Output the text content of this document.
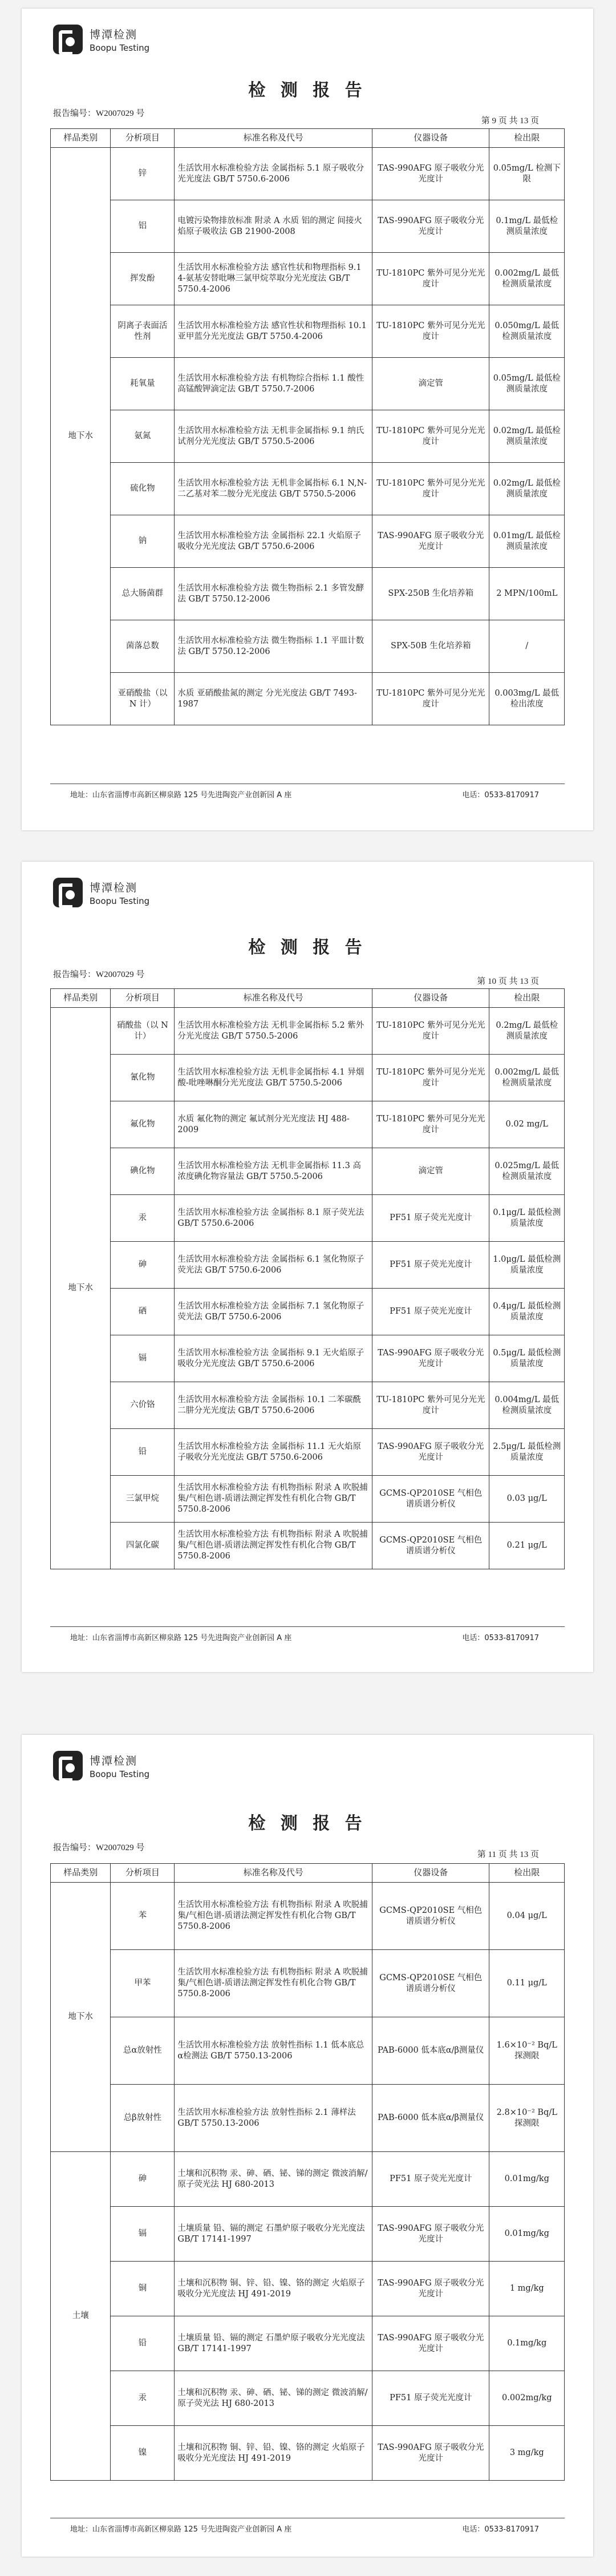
博潭检测
Boopu Testing
检 测 报 告
报告编号：W2007029 号
第 9 页 共 13 页
样品类别	分析项目	标准名称及代号	仪器设备	检出限
地下水	锌	生活饮用水标准检验方法 金属指标 5.1 原子吸收分光光度法 GB/T 5750.6-2006	TAS-990AFG 原子吸收分光光度计	0.05mg/L 检测下限
	铝	电镀污染物排放标准 附录 A 水质 铝的测定 间接火焰原子吸收法 GB 21900-2008	TAS-990AFG 原子吸收分光光度计	0.1mg/L 最低检测质量浓度
	挥发酚	生活饮用水标准检验方法 感官性状和物理指标 9.1 4-氨基安替吡啉三氯甲烷萃取分光光度法 GB/T 5750.4-2006	TU-1810PC 紫外可见分光光度计	0.002mg/L 最低检测质量浓度
	阴离子表面活性剂	生活饮用水标准检验方法 感官性状和物理指标 10.1 亚甲蓝分光光度法 GB/T 5750.4-2006	TU-1810PC 紫外可见分光光度计	0.050mg/L 最低检测质量浓度
	耗氧量	生活饮用水标准检验方法 有机物综合指标 1.1 酸性高锰酸钾滴定法 GB/T 5750.7-2006	滴定管	0.05mg/L 最低检测质量浓度
	氨氮	生活饮用水标准检验方法 无机非金属指标 9.1 纳氏试剂分光光度法 GB/T 5750.5-2006	TU-1810PC 紫外可见分光光度计	0.02mg/L 最低检测质量浓度
	硫化物	生活饮用水标准检验方法 无机非金属指标 6.1 N,N-二乙基对苯二胺分光光度法 GB/T 5750.5-2006	TU-1810PC 紫外可见分光光度计	0.02mg/L 最低检测质量浓度
	钠	生活饮用水标准检验方法 金属指标 22.1 火焰原子吸收分光光度法 GB/T 5750.6-2006	TAS-990AFG 原子吸收分光光度计	0.01mg/L 最低检测质量浓度
	总大肠菌群	生活饮用水标准检验方法 微生物指标 2.1 多管发酵法 GB/T 5750.12-2006	SPX-250B 生化培养箱	2 MPN/100mL
	菌落总数	生活饮用水标准检验方法 微生物指标 1.1 平皿计数法 GB/T 5750.12-2006	SPX-50B 生化培养箱	/
	亚硝酸盐（以 N 计）	水质 亚硝酸盐氮的测定 分光光度法 GB/T 7493-1987	TU-1810PC 紫外可见分光光度计	0.003mg/L 最低检出浓度
地址：山东省淄博市高新区柳泉路 125 号先进陶瓷产业创新园 A 座	电话：0533-8170917
博潭检测
Boopu Testing
检 测 报 告
报告编号：W2007029 号
第 10 页 共 13 页
样品类别	分析项目	标准名称及代号	仪器设备	检出限
地下水	硝酸盐（以 N 计）	生活饮用水标准检验方法 无机非金属指标 5.2 紫外分光光度法 GB/T 5750.5-2006	TU-1810PC 紫外可见分光光度计	0.2mg/L 最低检测质量浓度
	氰化物	生活饮用水标准检验方法 无机非金属指标 4.1 异烟酸-吡唑啉酮分光光度法 GB/T 5750.5-2006	TU-1810PC 紫外可见分光光度计	0.002mg/L 最低检测质量浓度
	氟化物	水质 氟化物的测定 氟试剂分光光度法 HJ 488-2009	TU-1810PC 紫外可见分光光度计	0.02 mg/L
	碘化物	生活饮用水标准检验方法 无机非金属指标 11.3 高浓度碘化物容量法 GB/T 5750.5-2006	滴定管	0.025mg/L 最低检测质量浓度
	汞	生活饮用水标准检验方法 金属指标 8.1 原子荧光法 GB/T 5750.6-2006	PF51 原子荧光光度计	0.1μg/L 最低检测质量浓度
	砷	生活饮用水标准检验方法 金属指标 6.1 氢化物原子荧光法 GB/T 5750.6-2006	PF51 原子荧光光度计	1.0μg/L 最低检测质量浓度
	硒	生活饮用水标准检验方法 金属指标 7.1 氢化物原子荧光法 GB/T 5750.6-2006	PF51 原子荧光光度计	0.4μg/L 最低检测质量浓度
	镉	生活饮用水标准检验方法 金属指标 9.1 无火焰原子吸收分光光度法 GB/T 5750.6-2006	TAS-990AFG 原子吸收分光光度计	0.5μg/L 最低检测质量浓度
	六价铬	生活饮用水标准检验方法 金属指标 10.1 二苯碳酰二肼分光光度法 GB/T 5750.6-2006	TU-1810PC 紫外可见分光光度计	0.004mg/L 最低检测质量浓度
	铅	生活饮用水标准检验方法 金属指标 11.1 无火焰原子吸收分光光度法 GB/T 5750.6-2006	TAS-990AFG 原子吸收分光光度计	2.5μg/L 最低检测质量浓度
	三氯甲烷	生活饮用水标准检验方法 有机物指标 附录 A 吹脱捕集/气相色谱-质谱法测定挥发性有机化合物 GB/T 5750.8-2006	GCMS-QP2010SE 气相色谱质谱分析仪	0.03 μg/L
	四氯化碳	生活饮用水标准检验方法 有机物指标 附录 A 吹脱捕集/气相色谱-质谱法测定挥发性有机化合物 GB/T 5750.8-2006	GCMS-QP2010SE 气相色谱质谱分析仪	0.21 μg/L
地址：山东省淄博市高新区柳泉路 125 号先进陶瓷产业创新园 A 座	电话：0533-8170917
博潭检测
Boopu Testing
检 测 报 告
报告编号：W2007029 号
第 11 页 共 13 页
样品类别	分析项目	标准名称及代号	仪器设备	检出限
地下水	苯	生活饮用水标准检验方法 有机物指标 附录 A 吹脱捕集/气相色谱-质谱法测定挥发性有机化合物 GB/T 5750.8-2006	GCMS-QP2010SE 气相色谱质谱分析仪	0.04 μg/L
	甲苯	生活饮用水标准检验方法 有机物指标 附录 A 吹脱捕集/气相色谱-质谱法测定挥发性有机化合物 GB/T 5750.8-2006	GCMS-QP2010SE 气相色谱质谱分析仪	0.11 μg/L
	总α放射性	生活饮用水标准检验方法 放射性指标 1.1 低本底总α检测法 GB/T 5750.13-2006	PAB-6000 低本底α/β测量仪	1.6×10⁻² Bq/L 探测限
	总β放射性	生活饮用水标准检验方法 放射性指标 2.1 薄样法 GB/T 5750.13-2006	PAB-6000 低本底α/β测量仪	2.8×10⁻² Bq/L 探测限
土壤	砷	土壤和沉积物 汞、砷、硒、铋、锑的测定 微波消解/原子荧光法 HJ 680-2013	PF51 原子荧光光度计	0.01mg/kg
	镉	土壤质量 铅、镉的测定 石墨炉原子吸收分光光度法 GB/T 17141-1997	TAS-990AFG 原子吸收分光光度计	0.01mg/kg
	铜	土壤和沉积物 铜、锌、铅、镍、铬的测定 火焰原子吸收分光光度法 HJ 491-2019	TAS-990AFG 原子吸收分光光度计	1 mg/kg
	铅	土壤质量 铅、镉的测定 石墨炉原子吸收分光光度法 GB/T 17141-1997	TAS-990AFG 原子吸收分光光度计	0.1mg/kg
	汞	土壤和沉积物 汞、砷、硒、铋、锑的测定 微波消解/原子荧光法 HJ 680-2013	PF51 原子荧光光度计	0.002mg/kg
	镍	土壤和沉积物 铜、锌、铅、镍、铬的测定 火焰原子吸收分光光度法 HJ 491-2019	TAS-990AFG 原子吸收分光光度计	3 mg/kg
地址：山东省淄博市高新区柳泉路 125 号先进陶瓷产业创新园 A 座	电话：0533-8170917
